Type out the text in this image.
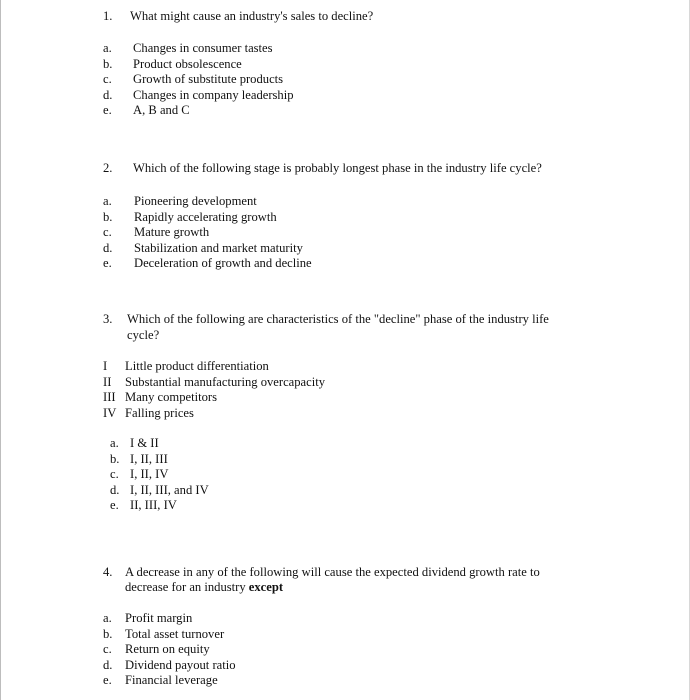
1. What might cause an industry's sales to decline?
a.	Changes in consumer tastes
b.	Product obsolescence
c.	Growth of substitute products
d.	Changes in company leadership
e.	A, B and C
2. Which of the following stage is probably longest phase in the industry life cycle?
a.	Pioneering development
b.	Rapidly accelerating growth
c.	Mature growth
d.	Stabilization and market maturity
e.	Deceleration of growth and decline
3. Which of the following are characteristics of the "decline" phase of the industry life
cycle?
I	Little product differentiation
II	Substantial manufacturing overcapacity
III Many competitors
IV Falling prices
a. I & II
b. I, II, III
c. I, II, IV
d. I, II, III, and IV
e. II, III, IV
4. A decrease in any of the following will cause the expected dividend growth rate to
decrease for an industry except
a.	Profit margin
b. Total asset turnover
c.	Return on equity
d. Dividend payout ratio
e.	Financial leverage
